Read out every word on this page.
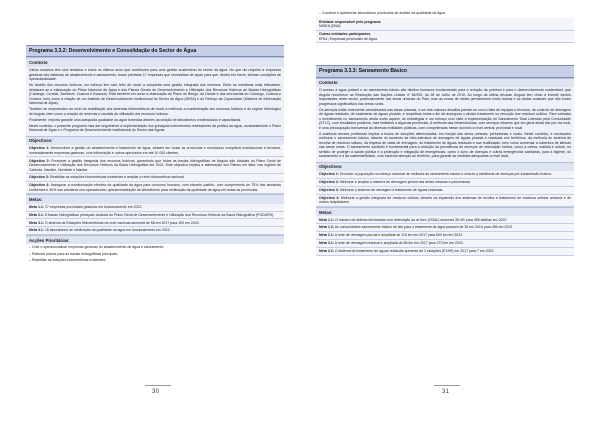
Programa 3.3.2: Desenvolvimento e Consolidação do Sector de Água
Contexto

Vários modelos têm sido testados e todos os últimos anos que contribuem para uma gestão sustentável do sector da água. No que diz respeito a empresas gestoras dos sistemas de abastecimento e saneamento, foram previstas 17 empresas que necessitam de apoio para que, dentro em breve, tenham condições de operacionalidade.

No âmbito dos recursos hídricos, um esforço tem sido feito de modo a completar uma gestão integrada dos mesmos. Entre as iniciativas mais relevantes, destacam-se a elaboração do Plano Nacional de Água e dos Planos Gerais de Desenvolvimento e Utilização dos Recursos Hídricos de Bacias Hidrográficas (Cubango, Cuvelai, Zambeze, Cuanza e Kwanza). Está também em curso a elaboração do Plano do Bengo, do Dande e das sub-bacias do Cubango, Cuanza e Cunene, bem como a criação de um Instituto de Desenvolvimento Institucional do Sector da Água (IDISA) e do Reforço da Capacidade (Sistema de Informação Nacional de Água).

Também se empreendeu ao nível da reabilitação dos sistemas hidrométricos de modo a melhorar a monitorização dos recursos hídricos e do regime hidrológico de Angola, bem como a criação de reservas e caudais de utilização dos recursos hídricos.

Finalmente, importa garantir uma adequada qualidade da água fornecida através da criação de laboratórios credenciados e capacitados.

Neste contexto, o presente programa visa dar seguimento à implementação dos principais instrumentos orientadores da política da água, nomeadamente o Plano Nacional de Água e o Programa de Desenvolvimento Institucional do Sector das Águas.

Objectivos:
Objectivo 1: Desenvolver a gestão do abastecimento e tratamento de água, através em todas as províncias e municípios completos institucionais e técnicos, nomeadamente empresas gestoras, com informação e outros aprovados em até 10.000 clientes.
Objectivo 2: Promover a gestão integrada dos recursos hídricos, garantindo que todas as bacias hidrográficas de Angola são dotadas do Plano Geral de Desenvolvimento e Utilização dos Recursos Hídricos da Bacia Hidrográfica até 2022. Este objectivo implica a elaboração dos Planos em falta, nas regiões de Cabinda, Namibe, Nordeste e Nambe.
Objectivo 3: Reabilitar as estações hidrométricas existentes e ampliar a rede hidrométrica nacional.
Objectivo 4: Assegurar a monitorização efectiva da qualidade da água para consumo humano, com elevado padrão, com cumprimento de 75% das amostras conformes e 40% nas amostras nos operacionais; operacionalização de laboratórios para verificação da qualidade da água em todas as províncias.
Metas:
Meta 1.1: 17 empresas provinciais gestoras em funcionamento em 2022.
Meta 2.1: 8 bacias hidrográficas principais dotadas do Plano Geral de Desenvolvimento e Utilização dos Recursos Hídricos da Bacia Hidrográfica (PGDURH).
Meta 3.1: O sistema de Estações Hidrométricas na rede nacional aumenta de 58 em 2017 para 100 em 2022.
Meta 4.1: 18 laboratórios de verificação da qualidade da água em funcionamento em 2022.
Acções Prioritárias:
– Criar e operacionalizar empresas gestoras do abastecimento de água e saneamento;
– Elaborar planos para as bacias hidrográficas principais;
– Reabilitar as estações hidrométricas existentes;
– Construir e apetrechar laboratórios provinciais de análise da qualidade da água.
Entidade responsável pelo programa
MINEA (DNA)
Outras entidades participantes
EPAL; Empresas provinciais de Água
Programa 3.3.3: Saneamento Básico
Contexto

O acesso à água potável e ao saneamento básico são direitos humanos fundamentais para a redução da pobreza e para o desenvolvimento sustentável, que Angola reconhece na Resolução das Nações Unidas nº 64/292, de 28 de Julho de 2010. Ao longo da última década, Angola tem vindo a investir fundos importantes neste sector, particularmente nas áreas urbanas do País, mas as zonas de várias permanecem muito baixas e as dadas mostram que não foram progressos significativos nas áreas rurais.

Os serviços estão fortemente centralizados nas áreas urbanas, e um dos maiores desafios prende-se com a falta de equipas e técnicos, de controlo de drenagem de águas residuais, de tratamento de águas pluviais, e respetivas todas a fim de assegurar o devido tratamento ou remoção dos resíduos sólidos. Para colmatar o investimento no saneamento ainda muito aquém, as estratégias e um esforço com vista à implementação do Saneamento Total Liderado pela Comunidade (STLC), com resultados positivos, mas limitados a algumas províncias. A melhoria das infraestruturas, com serviços urbanos que em geral ainda são por via rural, é uma preocupação transversal às diversas entidades públicas, com competências nesse domínio a nível central, provincial e local.

A ausência desses problemas implica a busca de soluções diferenciadas, em função das áreas urbanas, periurbanas e rurais. Neste contexto, é necessário melhorar o saneamento básico, através do aumento da infra-estrutura de drenagem de águas pluviais e residuais nos territórios, da melhoria do sistema de recolha de resíduos sólidos, da limpeza de valas de drenagem, do tratamento de águas residuais e sua reutilização, bem como aumentar a cobertura de latrinas nas áreas rurais. O saneamento sanitário é fundamental para a redução da prevalência de doenças de veiculação hídrica, como a cólera, malária e outras, no sentido de proteger a saúde pública e a protecção e mitigação de emergências, como o surto de doenças e outras emergências sanitárias, para a higiene, do saneamento e a da sustentabilidade, com especial atenção ao território, para garantir as medidas adequadas a nível local.

Objectivos:
Objectivo 1: Envolver a população no esforço nacional de melhoria do saneamento básico e reduzir a incidência de doenças por transmissão hídrica.
Objectivo 2: Melhorar e ampliar o sistema de drenagem pluvial nas áreas urbanas e periurbanas.
Objectivo 3: Melhorar o sistema de drenagem e tratamento de águas residuais.
Objectivo 4: Melhorar a gestão integrada de resíduos sólidos, através da expansão dos sistemas de recolha e tratamento de resíduos sólidos urbanos e de outros hospitalares.
Metas:
Meta 1.1: O número de aldeias declaradas com defecação ao ar livre (ODAL) aumenta 35,4% para 455 aldeias em 2022.
Meta 1.2: As comunidades saneamento básico de leis para o tratamento de água passam de 35 em 2016 para 456 em 2022.
Meta 2.1: A rede de drenagem pluvial é ampliada de 115 km em 2017 para 600 km em 2022.
Meta 3.1: A rede de drenagem residual é ampliada de 85 km em 2017 para 270 km em 2022.
Meta 3.2: O sistema de tratamento de águas residuais aumenta de 2 estações (ETAR) em 2017 para 7 em 2022.
30	31
